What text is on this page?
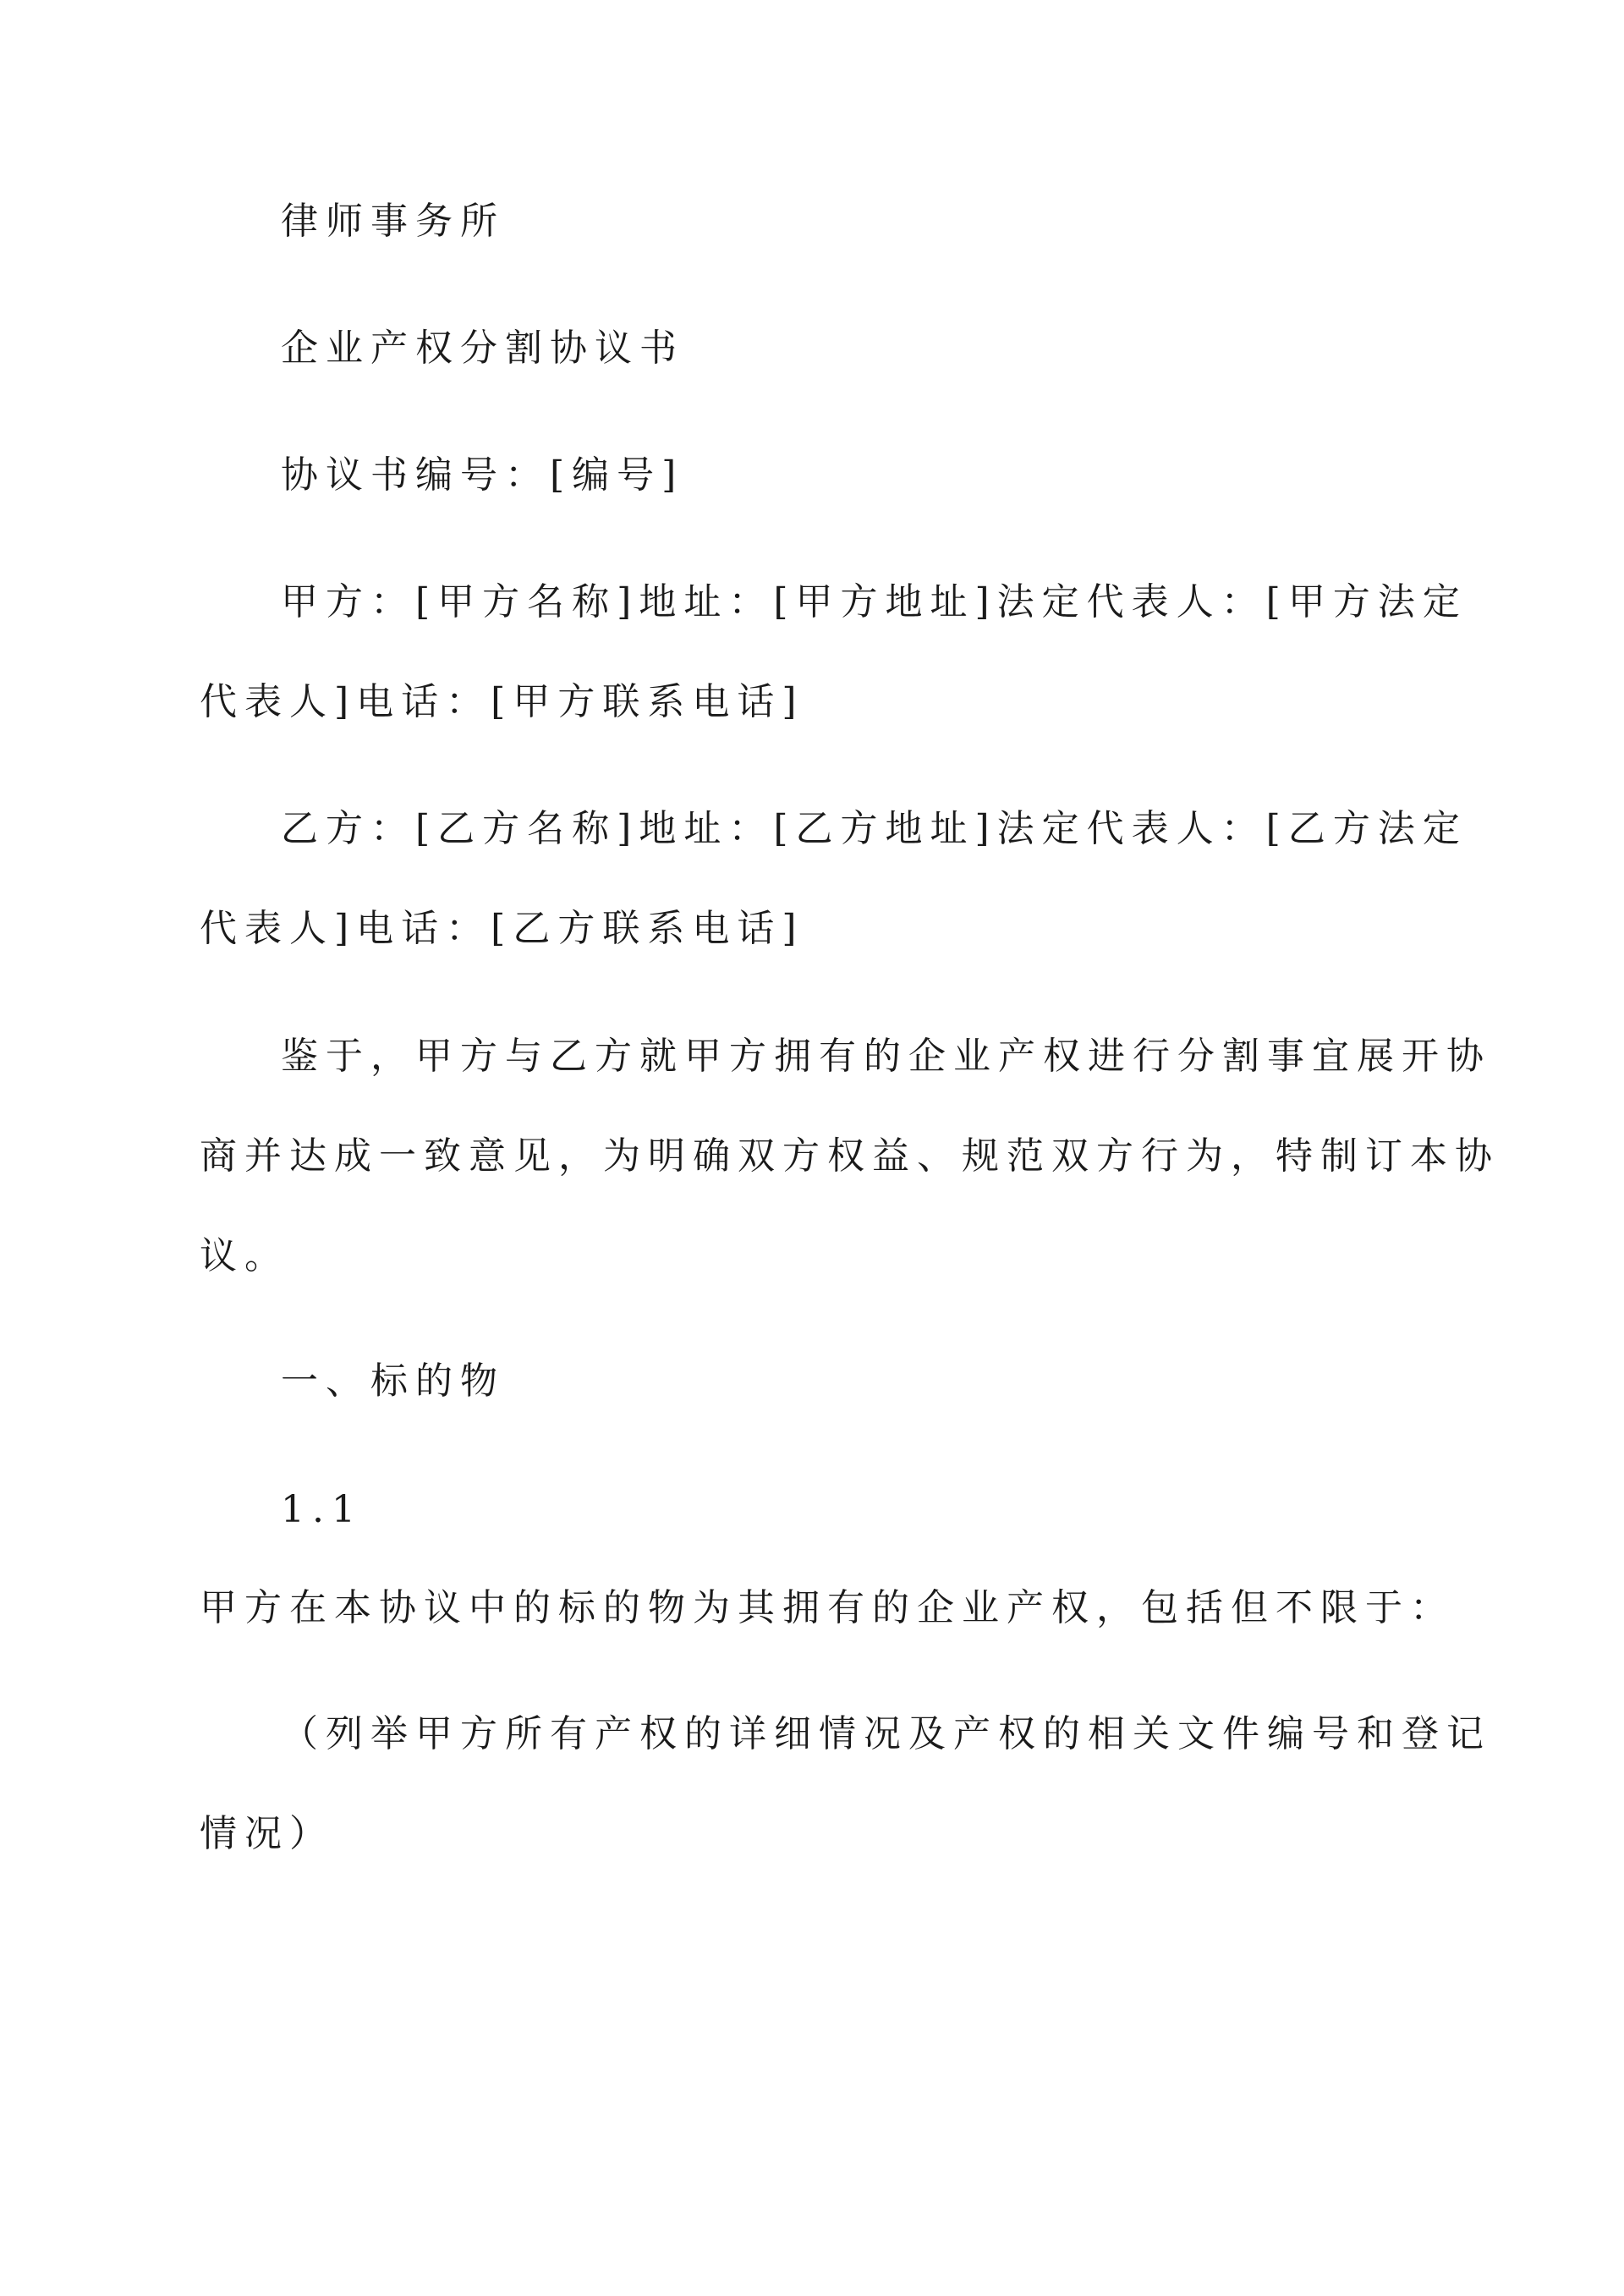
律师事务所
企业产权分割协议书
协议书编号：[编号]
甲方：[甲方名称]地址：[甲方地址]法定代表人：[甲方法定
代表人]电话：[甲方联系电话]
乙方：[乙方名称]地址：[乙方地址]法定代表人：[乙方法定
代表人]电话：[乙方联系电话]
鉴于，甲方与乙方就甲方拥有的企业产权进行分割事宜展开协
商并达成一致意见，为明确双方权益、规范双方行为，特制订本协
议。
一、标的物
1.1
甲方在本协议中的标的物为其拥有的企业产权，包括但不限于：
（列举甲方所有产权的详细情况及产权的相关文件编号和登记
情况）
